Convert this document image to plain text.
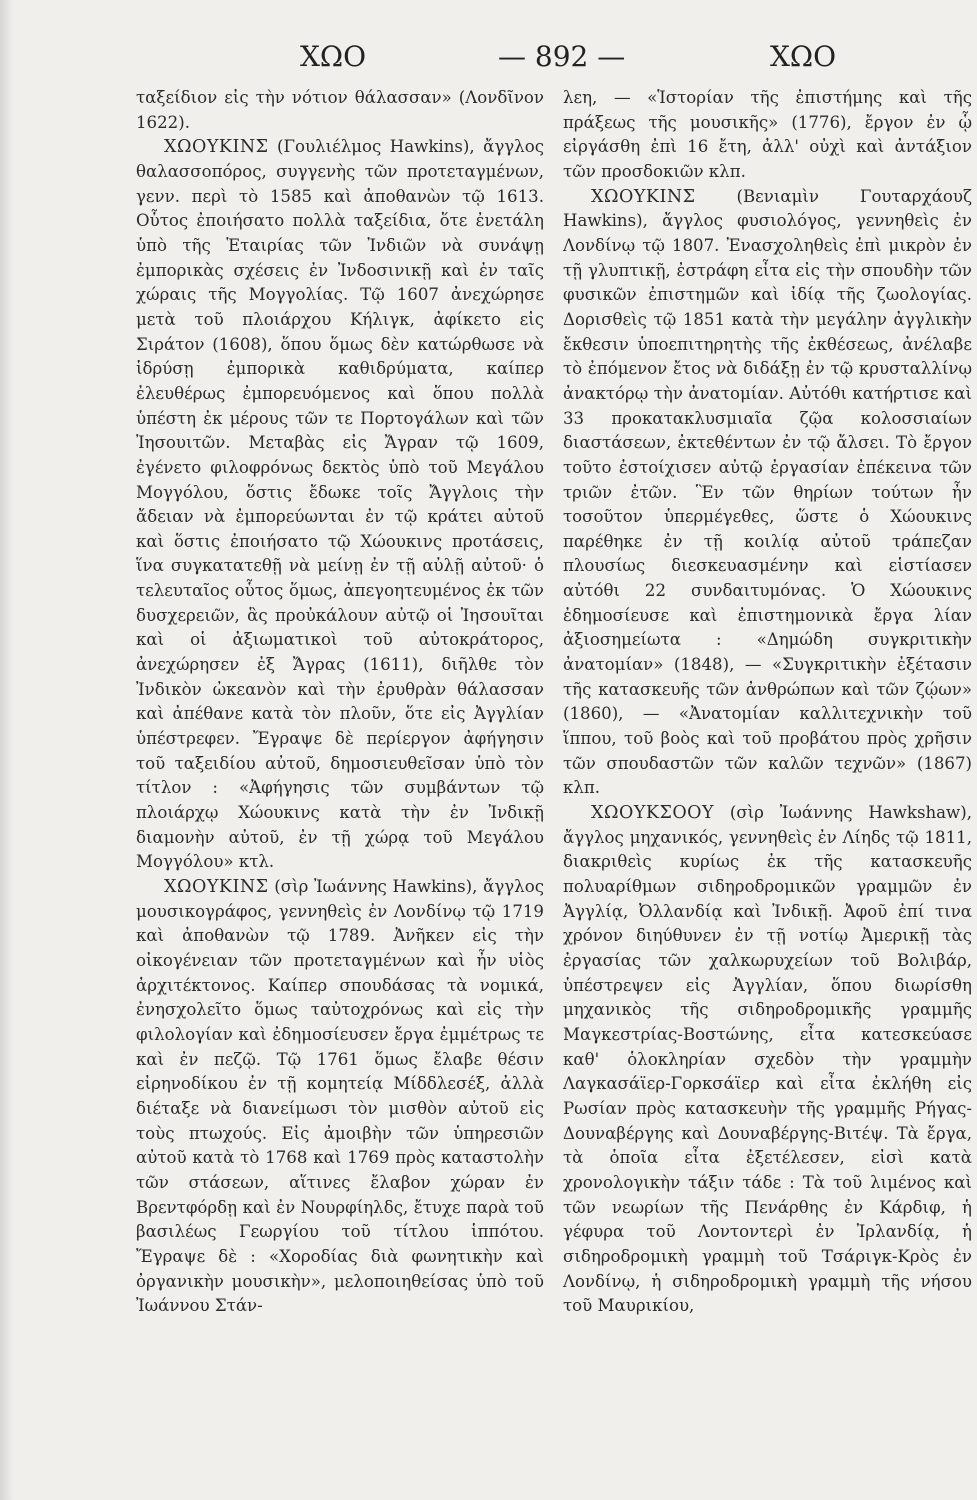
ΧΩΟ	— 892 —	ΧΩΟ

ταξείδιον εἰς τὴν νότιον θάλασσαν» (Λονδῖνον 1622).

ΧΩΟΥΚΙΝΣ (Γουλιέλμος Hawkins), ἄγγλος θαλασσοπόρος, συγγενὴς τῶν προτεταγμένων, γενν. περὶ τὸ 1585 καὶ ἀποθανὼν τῷ 1613. Οὗτος ἐποιήσατο πολλὰ ταξείδια, ὅτε ἐνετάλη ὑπὸ τῆς Ἑταιρίας τῶν Ἰνδιῶν νὰ συνάψῃ ἐμπορικὰς σχέσεις ἐν Ἰνδοσινικῇ καὶ ἐν ταῖς χώραις τῆς Μογγολίας. Τῷ 1607 ἀνεχώρησε μετὰ τοῦ πλοιάρχου Κήλιγκ, ἀφίκετο εἰς Σιράτον (1608), ὅπου ὅμως δὲν κατώρθωσε νὰ ἱδρύσῃ ἐμπορικὰ καθιδρύματα, καίπερ ἐλευθέρως ἐμπορευόμενος καὶ ὅπου πολλὰ ὑπέστη ἐκ μέρους τῶν τε Πορτογάλων καὶ τῶν Ἰησουιτῶν. Μεταβὰς εἰς Ἄγραν τῷ 1609, ἐγένετο φιλοφρόνως δεκτὸς ὑπὸ τοῦ Μεγάλου Μογγόλου, ὅστις ἔδωκε τοῖς Ἄγγλοις τὴν ἄδειαν νὰ ἐμπορεύωνται ἐν τῷ κράτει αὐτοῦ καὶ ὅστις ἐποιήσατο τῷ Χώουκινς προτάσεις, ἵνα συγκατατεθῇ νὰ μείνῃ ἐν τῇ αὐλῇ αὐτοῦ· ὁ τελευταῖος οὗτος ὅμως, ἀπεγοητευμένος ἐκ τῶν δυσχερειῶν, ἃς προὐκάλουν αὐτῷ οἱ Ἰησουῖται καὶ οἱ ἀξιωματικοὶ τοῦ αὐτοκράτορος, ἀνεχώρησεν ἐξ Ἄγρας (1611), διῆλθε τὸν Ἰνδικὸν ὠκεανὸν καὶ τὴν ἐρυθρὰν θάλασσαν καὶ ἀπέθανε κατὰ τὸν πλοῦν, ὅτε εἰς Ἀγγλίαν ὑπέστρεφεν. Ἔγραψε δὲ περίεργον ἀφήγησιν τοῦ ταξειδίου αὐτοῦ, δημοσιευθεῖσαν ὑπὸ τὸν τίτλον : «Ἀφήγησις τῶν συμβάντων τῷ πλοιάρχῳ Χώουκινς κατὰ τὴν ἐν Ἰνδικῇ διαμονὴν αὐτοῦ, ἐν τῇ χώρᾳ τοῦ Μεγάλου Μογγόλου» κτλ.

ΧΩΟΥΚΙΝΣ (σὶρ Ἰωάννης Hawkins), ἄγγλος μουσικογράφος, γεννηθεὶς ἐν Λονδίνῳ τῷ 1719 καὶ ἀποθανὼν τῷ 1789. Ἀνῆκεν εἰς τὴν οἰκογένειαν τῶν προτεταγμένων καὶ ἦν υἱὸς ἀρχιτέκτονος. Καίπερ σπουδάσας τὰ νομικά, ἐνησχολεῖτο ὅμως ταὐτοχρόνως καὶ εἰς τὴν φιλολογίαν καὶ ἐδημοσίευσεν ἔργα ἐμμέτρως τε καὶ ἐν πεζῷ. Τῷ 1761 ὅμως ἔλαβε θέσιν εἰρηνοδίκου ἐν τῇ κομητείᾳ Μίδδλεσέξ, ἀλλὰ διέταξε νὰ διανείμωσι τὸν μισθὸν αὐτοῦ εἰς τοὺς πτωχούς. Εἰς ἀμοιβὴν τῶν ὑπηρεσιῶν αὐτοῦ κατὰ τὸ 1768 καὶ 1769 πρὸς καταστολὴν τῶν στάσεων, αἵτινες ἔλαβον χώραν ἐν Βρεντφόρδῃ καὶ ἐν Νουρφίηλδς, ἔτυχε παρὰ τοῦ βασιλέως Γεωργίου τοῦ τίτλου ἱππότου. Ἔγραψε δὲ : «Χοροδίας διὰ φωνητικὴν καὶ ὀργανικὴν μουσικὴν», μελοποιηθείσας ὑπὸ τοῦ Ἰωάννου Στάν-

λεη, — «Ἱστορίαν τῆς ἐπιστήμης καὶ τῆς πράξεως τῆς μουσικῆς» (1776), ἔργον ἐν ᾧ εἰργάσθη ἐπὶ 16 ἔτη, ἀλλ' οὐχὶ καὶ ἀντάξιον τῶν προσδοκιῶν κλπ.

ΧΩΟΥΚΙΝΣ (Βενιαμὶν Γουταρχάουζ Hawkins), ἄγγλος φυσιολόγος, γεννηθεὶς ἐν Λονδίνῳ τῷ 1807. Ἐνασχοληθεὶς ἐπὶ μικρὸν ἐν τῇ γλυπτικῇ, ἐστράφη εἶτα εἰς τὴν σπουδὴν τῶν φυσικῶν ἐπιστημῶν καὶ ἰδίᾳ τῆς ζωολογίας. Δορισθεὶς τῷ 1851 κατὰ τὴν μεγάλην ἀγγλικὴν ἔκθεσιν ὑποεπιτηρητὴς τῆς ἐκθέσεως, ἀνέλαβε τὸ ἐπόμενον ἔτος νὰ διδάξῃ ἐν τῷ κρυσταλλίνῳ ἀνακτόρῳ τὴν ἀνατομίαν. Αὐτόθι κατήρτισε καὶ 33 προκατακλυσμιαῖα ζῷα κολοσσιαίων διαστάσεων, ἐκτεθέντων ἐν τῷ ἄλσει. Τὸ ἔργον τοῦτο ἐστοίχισεν αὐτῷ ἐργασίαν ἐπέκεινα τῶν τριῶν ἐτῶν. Ἓν τῶν θηρίων τούτων ἦν τοσοῦτον ὑπερμέγεθες, ὥστε ὁ Χώουκινς παρέθηκε ἐν τῇ κοιλίᾳ αὐτοῦ τράπεζαν πλουσίως διεσκευασμένην καὶ εἱστίασεν αὐτόθι 22 συνδαιτυμόνας. Ὁ Χώουκινς ἐδημοσίευσε καὶ ἐπιστημονικὰ ἔργα λίαν ἀξιοσημείωτα : «Δημώδη συγκριτικὴν ἀνατομίαν» (1848), — «Συγκριτικὴν ἐξέτασιν τῆς κατασκευῆς τῶν ἀνθρώπων καὶ τῶν ζῴων» (1860), — «Ἀνατομίαν καλλιτεχνικὴν τοῦ ἵππου, τοῦ βοὸς καὶ τοῦ προβάτου πρὸς χρῆσιν τῶν σπουδαστῶν τῶν καλῶν τεχνῶν» (1867) κλπ.

ΧΩΟΥΚΣΟΟΥ (σὶρ Ἰωάννης Hawkshaw), ἄγγλος μηχανικός, γεννηθεὶς ἐν Λίηδς τῷ 1811, διακριθεὶς κυρίως ἐκ τῆς κατασκευῆς πολυαρίθμων σιδηροδρομικῶν γραμμῶν ἐν Ἀγγλίᾳ, Ὀλλανδίᾳ καὶ Ἰνδικῇ. Ἀφοῦ ἐπί τινα χρόνον διηύθυνεν ἐν τῇ νοτίῳ Ἀμερικῇ τὰς ἐργασίας τῶν χαλκωρυχείων τοῦ Βολιβάρ, ὑπέστρεψεν εἰς Ἀγγλίαν, ὅπου διωρίσθη μηχανικὸς τῆς σιδηροδρομικῆς γραμμῆς Μαγκεστρίας-Βοστώνης, εἶτα κατεσκεύασε καθ' ὁλοκληρίαν σχεδὸν τὴν γραμμὴν Λαγκασάϊερ-Γορκσάϊερ καὶ εἶτα ἐκλήθη εἰς Ρωσίαν πρὸς κατασκευὴν τῆς γραμμῆς Ρήγας-Δουναβέργης καὶ Δουναβέργης-Βιτέψ. Τὰ ἔργα, τὰ ὁποῖα εἶτα ἐξετέλεσεν, εἰσὶ κατὰ χρονολογικὴν τάξιν τάδε : Τὰ τοῦ λιμένος καὶ τῶν νεωρίων τῆς Πενάρθης ἐν Κάρδιφ, ἡ γέφυρα τοῦ Λοντοντερὶ ἐν Ἰρλανδίᾳ, ἡ σιδηροδρομικὴ γραμμὴ τοῦ Τσάριγκ-Κρὸς ἐν Λονδίνῳ, ἡ σιδηροδρομικὴ γραμμὴ τῆς νήσου τοῦ Μαυρικίου,
